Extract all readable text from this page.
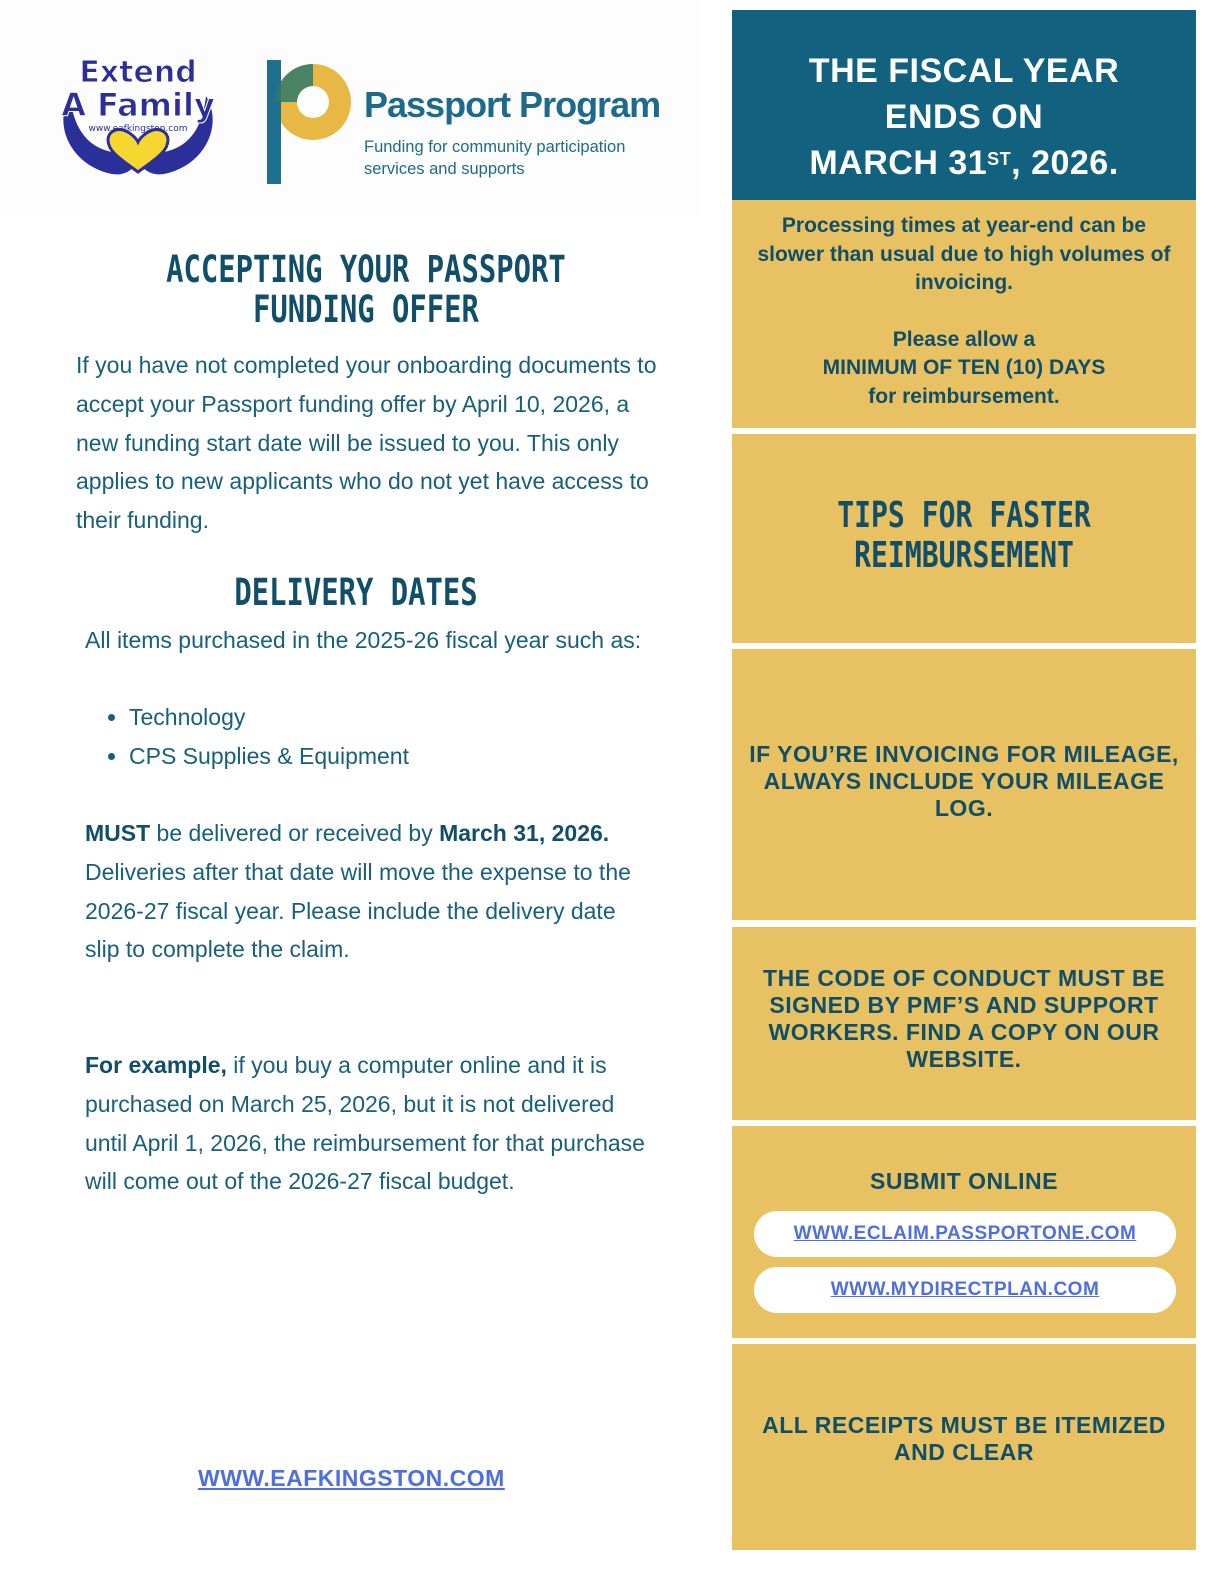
Extend
A Family
www.eafkingston.com
Passport Program
Funding for community participation services and supports
ACCEPTING YOUR PASSPORT
FUNDING OFFER
If you have not completed your onboarding documents to accept your Passport funding offer by April 10, 2026, a new funding start date will be issued to you. This only applies to new applicants who do not yet have access to their funding.
DELIVERY DATES
All items purchased in the 2025-26 fiscal year such as:
• Technology
• CPS Supplies & Equipment
MUST be delivered or received by March 31, 2026. Deliveries after that date will move the expense to the 2026-27 fiscal year. Please include the delivery date slip to complete the claim.
For example, if you buy a computer online and it is purchased on March 25, 2026, but it is not delivered until April 1, 2026, the reimbursement for that purchase will come out of the 2026-27 fiscal budget.
WWW.EAFKINGSTON.COM
THE FISCAL YEAR
ENDS ON
MARCH 31ST, 2026.
Processing times at year-end can be slower than usual due to high volumes of invoicing.
Please allow a
MINIMUM OF TEN (10) DAYS
for reimbursement.
TIPS FOR FASTER
REIMBURSEMENT
IF YOU’RE INVOICING FOR MILEAGE, ALWAYS INCLUDE YOUR MILEAGE LOG.
THE CODE OF CONDUCT MUST BE SIGNED BY PMF’S AND SUPPORT WORKERS. FIND A COPY ON OUR WEBSITE.
SUBMIT ONLINE
WWW.ECLAIM.PASSPORTONE.COM
WWW.MYDIRECTPLAN.COM
ALL RECEIPTS MUST BE ITEMIZED AND CLEAR
